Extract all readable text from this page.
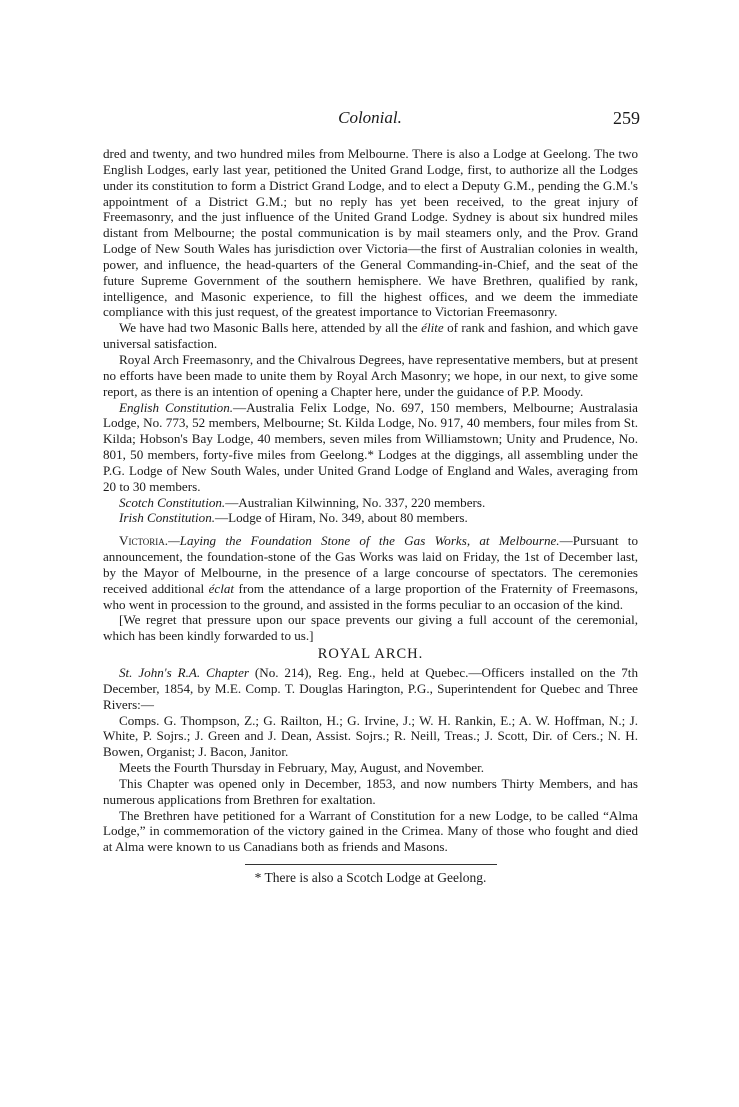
Colonial.	259

dred and twenty, and two hundred miles from Melbourne. There is also a Lodge at Geelong. The two English Lodges, early last year, petitioned the United Grand Lodge, first, to authorize all the Lodges under its constitution to form a District Grand Lodge, and to elect a Deputy G.M., pending the G.M.'s appointment of a District G.M.; but no reply has yet been received, to the great injury of Freemasonry, and the just influence of the United Grand Lodge. Sydney is about six hundred miles distant from Melbourne; the postal communication is by mail steamers only, and the Prov. Grand Lodge of New South Wales has jurisdiction over Victoria—the first of Australian colonies in wealth, power, and influence, the head-quarters of the General Commanding-in-Chief, and the seat of the future Supreme Government of the southern hemisphere. We have Brethren, qualified by rank, intelligence, and Masonic experience, to fill the highest offices, and we deem the immediate compliance with this just request, of the greatest importance to Victorian Freemasonry.

We have had two Masonic Balls here, attended by all the élite of rank and fashion, and which gave universal satisfaction.

Royal Arch Freemasonry, and the Chivalrous Degrees, have representative members, but at present no efforts have been made to unite them by Royal Arch Masonry; we hope, in our next, to give some report, as there is an intention of opening a Chapter here, under the guidance of P.P. Moody.

English Constitution.—Australia Felix Lodge, No. 697, 150 members, Melbourne; Australasia Lodge, No. 773, 52 members, Melbourne; St. Kilda Lodge, No. 917, 40 members, four miles from St. Kilda; Hobson's Bay Lodge, 40 members, seven miles from Williamstown; Unity and Prudence, No. 801, 50 members, forty-five miles from Geelong.* Lodges at the diggings, all assembling under the P.G. Lodge of New South Wales, under United Grand Lodge of England and Wales, averaging from 20 to 30 members.

Scotch Constitution.—Australian Kilwinning, No. 337, 220 members.

Irish Constitution.—Lodge of Hiram, No. 349, about 80 members.

Victoria.—Laying the Foundation Stone of the Gas Works, at Melbourne.—Pursuant to announcement, the foundation-stone of the Gas Works was laid on Friday, the 1st of December last, by the Mayor of Melbourne, in the presence of a large concourse of spectators. The ceremonies received additional éclat from the attendance of a large proportion of the Fraternity of Freemasons, who went in procession to the ground, and assisted in the forms peculiar to an occasion of the kind.

[We regret that pressure upon our space prevents our giving a full account of the ceremonial, which has been kindly forwarded to us.]

ROYAL ARCH.

St. John's R.A. Chapter (No. 214), Reg. Eng., held at Quebec.—Officers installed on the 7th December, 1854, by M.E. Comp. T. Douglas Harington, P.G., Superintendent for Quebec and Three Rivers:—

Comps. G. Thompson, Z.; G. Railton, H.; G. Irvine, J.; W. H. Rankin, E.; A. W. Hoffman, N.; J. White, P. Sojrs.; J. Green and J. Dean, Assist. Sojrs.; R. Neill, Treas.; J. Scott, Dir. of Cers.; N. H. Bowen, Organist; J. Bacon, Janitor.

Meets the Fourth Thursday in February, May, August, and November.

This Chapter was opened only in December, 1853, and now numbers Thirty Members, and has numerous applications from Brethren for exaltation.

The Brethren have petitioned for a Warrant of Constitution for a new Lodge, to be called “Alma Lodge,” in commemoration of the victory gained in the Crimea. Many of those who fought and died at Alma were known to us Canadians both as friends and Masons.

* There is also a Scotch Lodge at Geelong.
